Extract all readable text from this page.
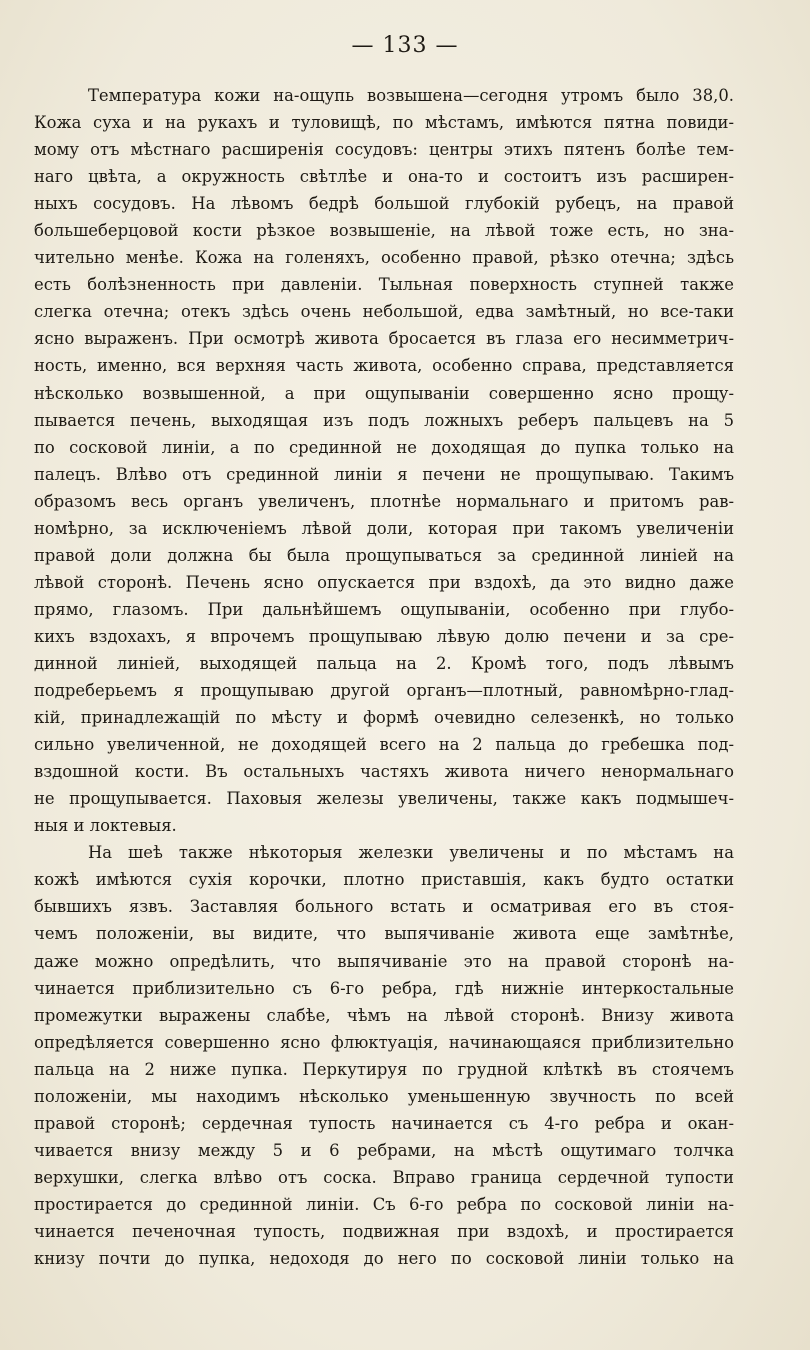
— 133 —
Температура кожи на-ощупь возвышена—сегодня утромъ было 38,0.
Кожа суха и на рукахъ и туловищѣ, по мѣстамъ, имѣются пятна повиди-
мому отъ мѣстнаго расширенія сосудовъ: центры этихъ пятенъ болѣе тем-
наго цвѣта, а окружность свѣтлѣе и она-то и состоитъ изъ расширен-
ныхъ сосудовъ. На лѣвомъ бедрѣ большой глубокій рубецъ, на правой
большеберцовой кости рѣзкое возвышеніе, на лѣвой тоже есть, но зна-
чительно менѣе. Кожа на голеняхъ, особенно правой, рѣзко отечна; здѣсь
есть болѣзненность при давленіи. Тыльная поверхность ступней также
слегка отечна; отекъ здѣсь очень небольшой, едва замѣтный, но все-таки
ясно выраженъ. При осмотрѣ живота бросается въ глаза его несимметрич-
ность, именно, вся верхняя часть живота, особенно справа, представляется
нѣсколько возвышенной, а при ощупываніи совершенно ясно прощу-
пывается печень, выходящая изъ подъ ложныхъ реберъ пальцевъ на 5
по сосковой линіи, а по срединной не доходящая до пупка только на
палецъ. Влѣво отъ срединной линіи я печени не прощупываю. Такимъ
образомъ весь органъ увеличенъ, плотнѣе нормальнаго и притомъ рав-
номѣрно, за исключеніемъ лѣвой доли, которая при такомъ увеличеніи
правой доли должна бы была прощупываться за срединной линіей на
лѣвой сторонѣ. Печень ясно опускается при вздохѣ, да это видно даже
прямо, глазомъ. При дальнѣйшемъ ощупываніи, особенно при глубо-
кихъ вздохахъ, я впрочемъ прощупываю лѣвую долю печени и за сре-
динной линіей, выходящей пальца на 2. Кромѣ того, подъ лѣвымъ
подреберьемъ я прощупываю другой органъ—плотный, равномѣрно-глад-
кій, принадлежащій по мѣсту и формѣ очевидно селезенкѣ, но только
сильно увеличенной, не доходящей всего на 2 пальца до гребешка под-
вздошной кости. Въ остальныхъ частяхъ живота ничего ненормальнаго
не прощупывается. Паховыя железы увеличены, также какъ подмышеч-
ныя и локтевыя.
На шеѣ также нѣкоторыя железки увеличены и по мѣстамъ на
кожѣ имѣются сухія корочки, плотно приставшія, какъ будто остатки
бывшихъ язвъ. Заставляя больного встать и осматривая его въ стоя-
чемъ положеніи, вы видите, что выпячиваніе живота еще замѣтнѣе,
даже можно опредѣлить, что выпячиваніе это на правой сторонѣ на-
чинается приблизительно съ 6-го ребра, гдѣ нижніе интеркостальные
промежутки выражены слабѣе, чѣмъ на лѣвой сторонѣ. Внизу живота
опредѣляется совершенно ясно флюктуація, начинающаяся приблизительно
пальца на 2 ниже пупка. Перкутируя по грудной клѣткѣ въ стоячемъ
положеніи, мы находимъ нѣсколько уменьшенную звучность по всей
правой сторонѣ; сердечная тупость начинается съ 4-го ребра и окан-
чивается внизу между 5 и 6 ребрами, на мѣстѣ ощутимаго толчка
верхушки, слегка влѣво отъ соска. Вправо граница сердечной тупости
простирается до срединной линіи. Съ 6-го ребра по сосковой линіи на-
чинается печеночная тупость, подвижная при вздохѣ, и простирается
книзу почти до пупка, недоходя до него по сосковой линіи только на
